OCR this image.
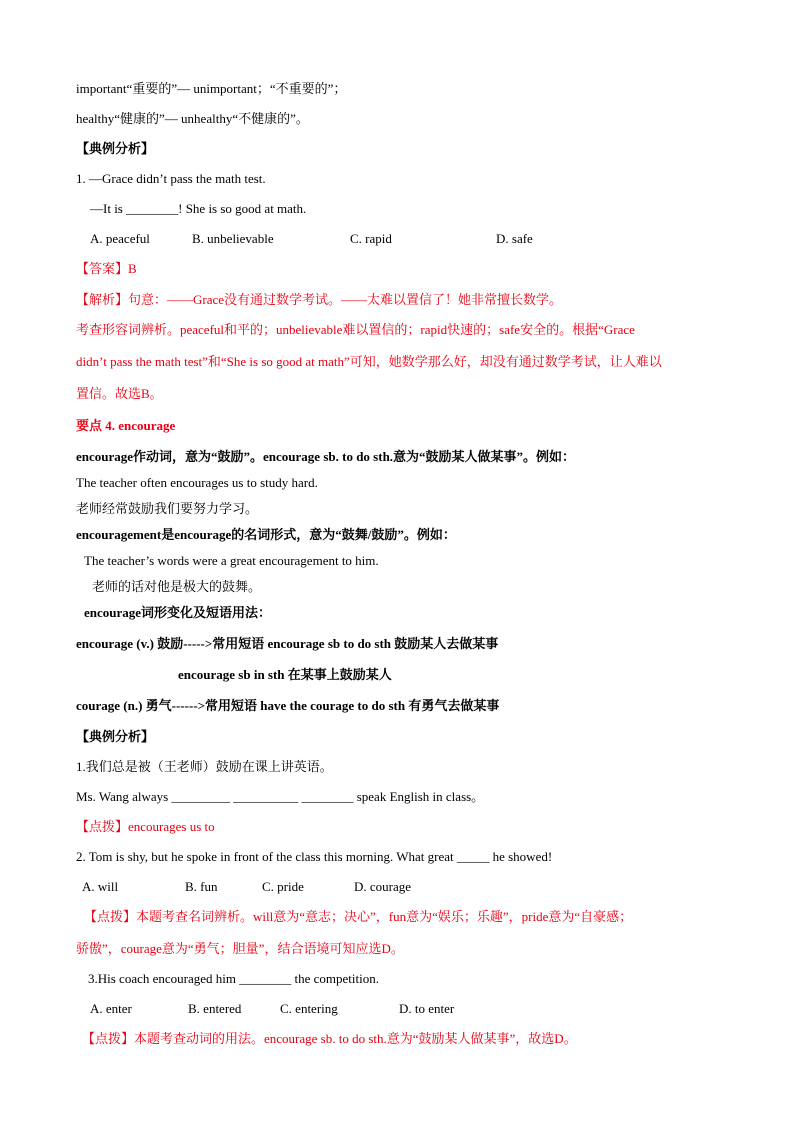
important“重要的”— unimportant；“不重要的”；
healthy“健康的”— unhealthy“不健康的”。
【典例分析】
1. —Grace didn’t pass the math test.
—It is ________! She is so good at math.
A. peaceful	B. unbelievable	C. rapid	D. safe
【答案】B
【解析】句意：——Grace没有通过数学考试。——太难以置信了！她非常擅长数学。
考查形容词辨析。peaceful和平的；unbelievable难以置信的；rapid快速的；safe安全的。根据“Grace
didn’t pass the math test”和“She is so good at math”可知，她数学那么好，却没有通过数学考试，让人难以
置信。故选B。
要点 4. encourage
encourage作动词，意为“鼓励”。encourage sb. to do sth.意为“鼓励某人做某事”。例如：
The teacher often encourages us to study hard.
老师经常鼓励我们要努力学习。
encouragement是encourage的名词形式，意为“鼓舞/鼓励”。例如：
The teacher’s words were a great encouragement to him.
老师的话对他是极大的鼓舞。
encourage词形变化及短语用法：
encourage (v.) 鼓励----->常用短语 encourage sb to do sth 鼓励某人去做某事
encourage sb in sth 在某事上鼓励某人
courage (n.) 勇气------>常用短语 have the courage to do sth 有勇气去做某事
【典例分析】
1.我们总是被（王老师）鼓励在课上讲英语。
Ms. Wang always _________ __________ ________ speak English in class。
【点拨】encourages us to
2. Tom is shy, but he spoke in front of the class this morning. What great _____ he showed!
A. will	B. fun	C. pride	D. courage
【点拨】本题考查名词辨析。will意为“意志；决心”，fun意为“娱乐；乐趣”，pride意为“自豪感；
骄傲”，courage意为“勇气；胆量”，结合语境可知应选D。
3.His coach encouraged him ________ the competition.
A. enter	B. entered	C. entering	D. to enter
【点拨】本题考查动词的用法。encourage sb. to do sth.意为“鼓励某人做某事”，故选D。
